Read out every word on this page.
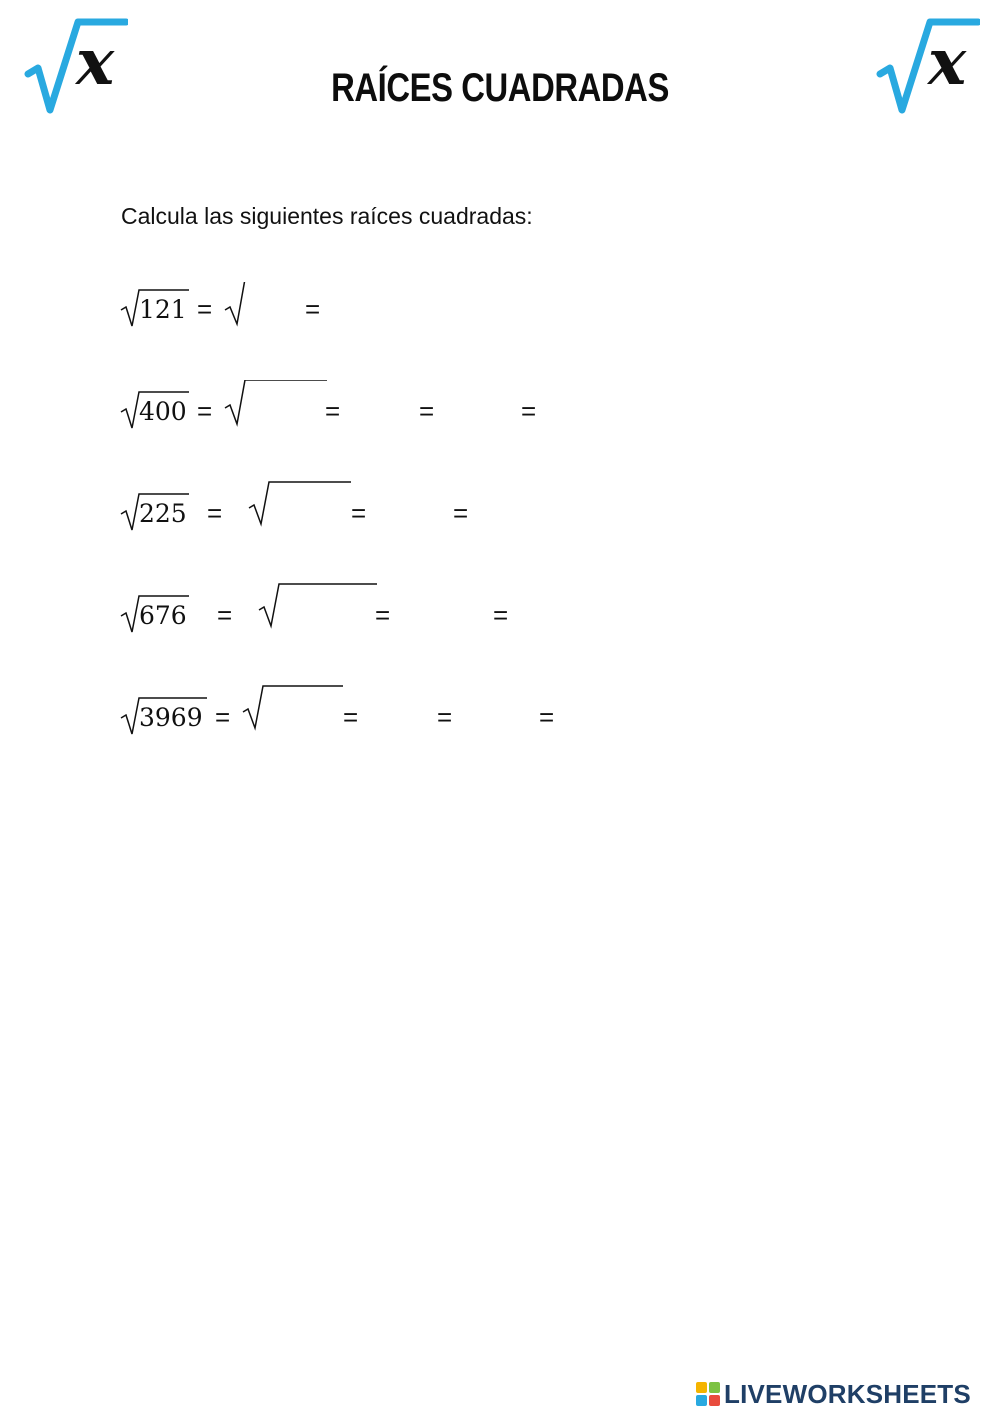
x	x
RAÍCES CUADRADAS
Calcula las siguientes raíces cuadradas:
121 =	=
400 =	=	=	=
225 =	=	=
676 =	=	=
3969 =	=	=	=
LIVEWORKSHEETS
